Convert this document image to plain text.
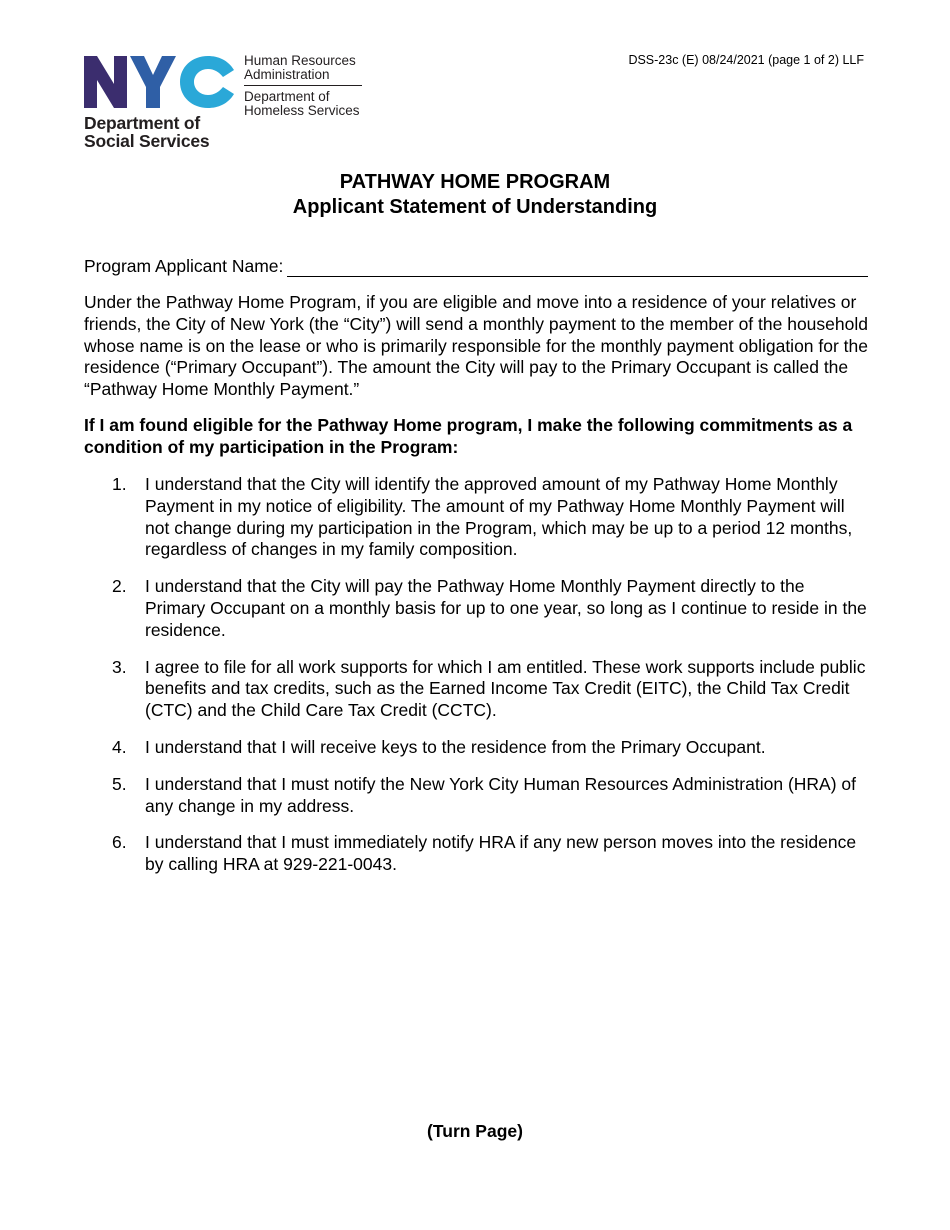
Human Resources
Administration
Department of
Homeless Services
Department of
Social Services
DSS-23c (E) 08/24/2021 (page 1 of 2) LLF
PATHWAY HOME PROGRAM
Applicant Statement of Understanding
Program Applicant Name:
Under the Pathway Home Program, if you are eligible and move into a residence of your relatives or friends, the City of New York (the “City”) will send a monthly payment to the member of the household whose name is on the lease or who is primarily responsible for the monthly payment obligation for the residence (“Primary Occupant”). The amount the City will pay to the Primary Occupant is called the “Pathway Home Monthly Payment.”
If I am found eligible for the Pathway Home program, I make the following commitments as a condition of my participation in the Program:
1. I understand that the City will identify the approved amount of my Pathway Home Monthly Payment in my notice of eligibility. The amount of my Pathway Home Monthly Payment will not change during my participation in the Program, which may be up to a period 12 months, regardless of changes in my family composition.
2. I understand that the City will pay the Pathway Home Monthly Payment directly to the Primary Occupant on a monthly basis for up to one year, so long as I continue to reside in the residence.
3. I agree to file for all work supports for which I am entitled. These work supports include public benefits and tax credits, such as the Earned Income Tax Credit (EITC), the Child Tax Credit (CTC) and the Child Care Tax Credit (CCTC).
4. I understand that I will receive keys to the residence from the Primary Occupant.
5. I understand that I must notify the New York City Human Resources Administration (HRA) of any change in my address.
6. I understand that I must immediately notify HRA if any new person moves into the residence by calling HRA at 929-221-0043.
(Turn Page)
